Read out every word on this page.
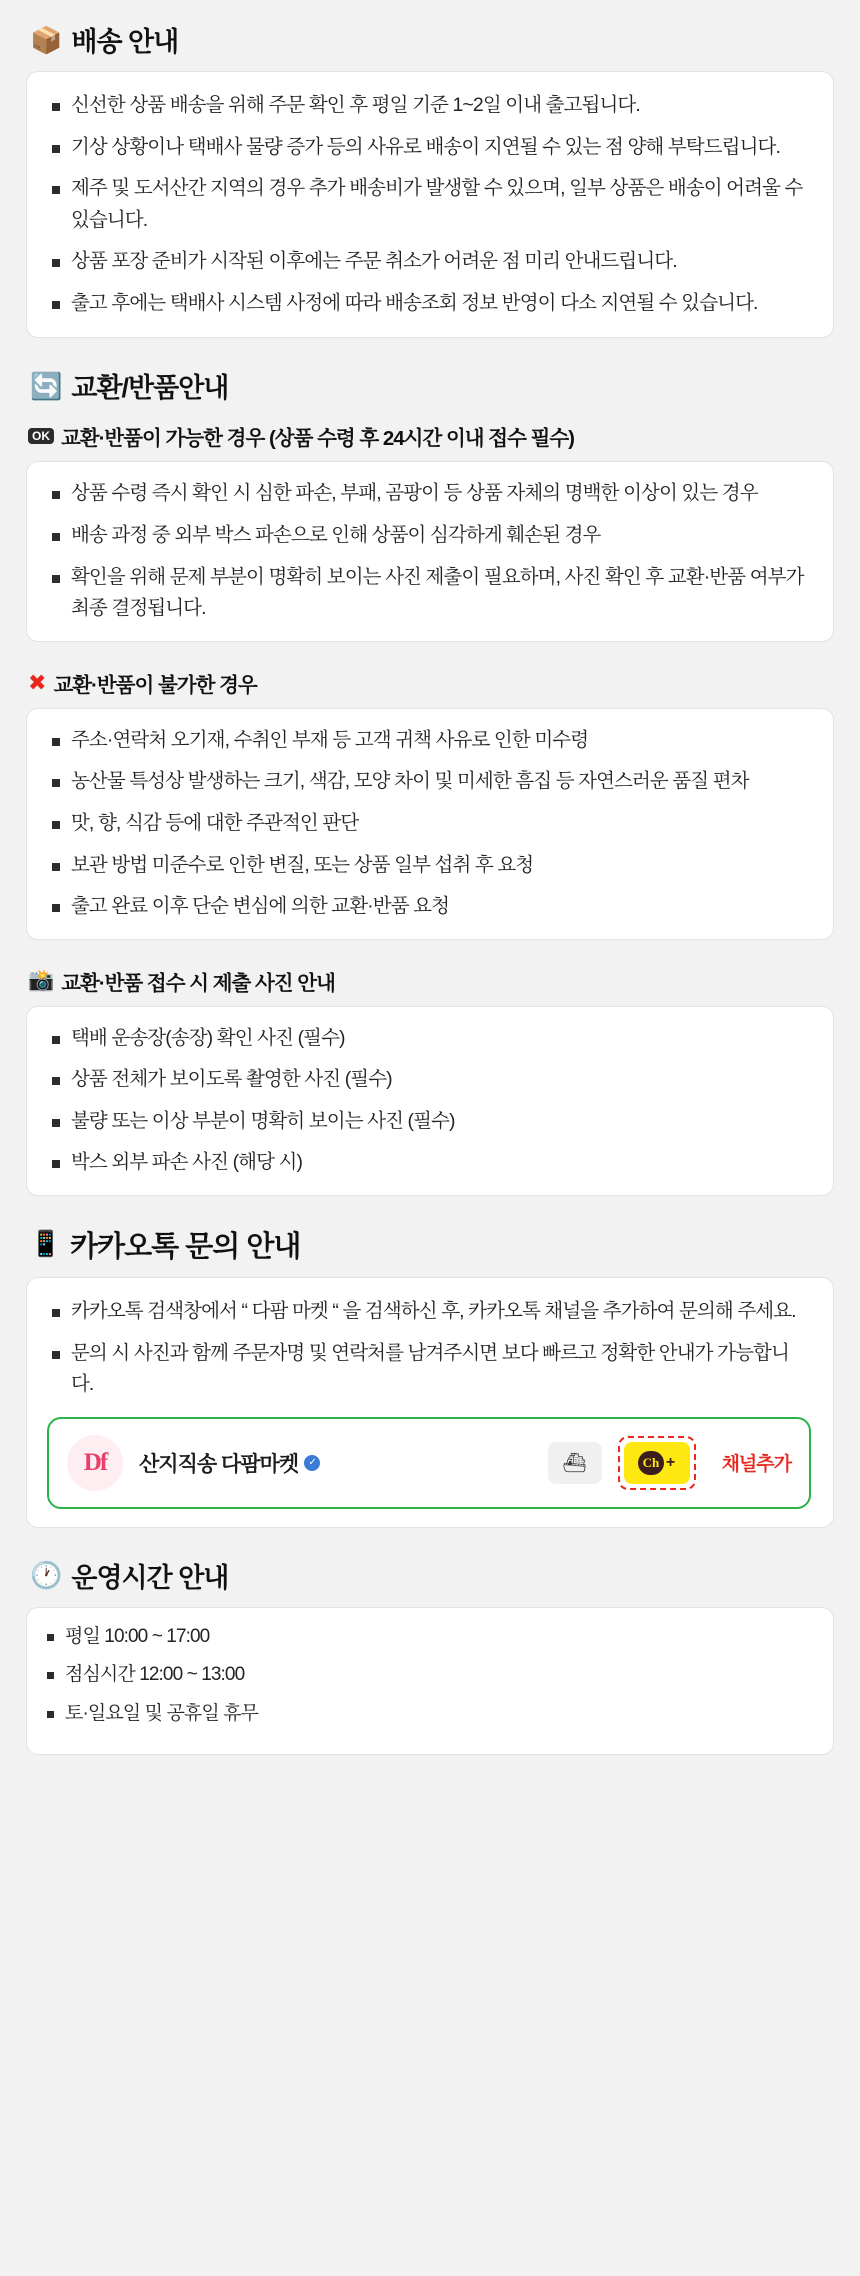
📦 배송 안내
신선한 상품 배송을 위해 주문 확인 후 평일 기준 1~2일 이내 출고됩니다.
기상 상황이나 택배사 물량 증가 등의 사유로 배송이 지연될 수 있는 점 양해 부탁드립니다.
제주 및 도서산간 지역의 경우 추가 배송비가 발생할 수 있으며, 일부 상품은 배송이 어려울 수 있습니다.
상품 포장 준비가 시작된 이후에는 주문 취소가 어려운 점 미리 안내드립니다.
출고 후에는 택배사 시스템 사정에 따라 배송조회 정보 반영이 다소 지연될 수 있습니다.
🔄 교환/반품안내
OK 교환·반품이 가능한 경우 (상품 수령 후 24시간 이내 접수 필수)
상품 수령 즉시 확인 시 심한 파손, 부패, 곰팡이 등 상품 자체의 명백한 이상이 있는 경우
배송 과정 중 외부 박스 파손으로 인해 상품이 심각하게 훼손된 경우
확인을 위해 문제 부분이 명확히 보이는 사진 제출이 필요하며, 사진 확인 후 교환·반품 여부가 최종 결정됩니다.
✖ 교환·반품이 불가한 경우
주소·연락처 오기재, 수취인 부재 등 고객 귀책 사유로 인한 미수령
농산물 특성상 발생하는 크기, 색감, 모양 차이 및 미세한 흠집 등 자연스러운 품질 편차
맛, 향, 식감 등에 대한 주관적인 판단
보관 방법 미준수로 인한 변질, 또는 상품 일부 섭취 후 요청
출고 완료 이후 단순 변심에 의한 교환·반품 요청
📸 교환·반품 접수 시 제출 사진 안내
택배 운송장(송장) 확인 사진 (필수)
상품 전체가 보이도록 촬영한 사진 (필수)
불량 또는 이상 부분이 명확히 보이는 사진 (필수)
박스 외부 파손 사진 (해당 시)
📱 카카오톡 문의 안내
카카오톡 검색창에서 “ 다팜 마켓 “ 을 검색하신 후, 카카오톡 채널을 추가하여 문의해 주세요.
문의 시 사진과 함께 주문자명 및 연락처를 남겨주시면 보다 빠르고 정확한 안내가 가능합니다.
Df 산지직송 다팜마켓	✓	⛴	Ch + 채널추가
🕐 운영시간 안내
평일 10:00 ~ 17:00
점심시간 12:00 ~ 13:00
토·일요일 및 공휴일 휴무
